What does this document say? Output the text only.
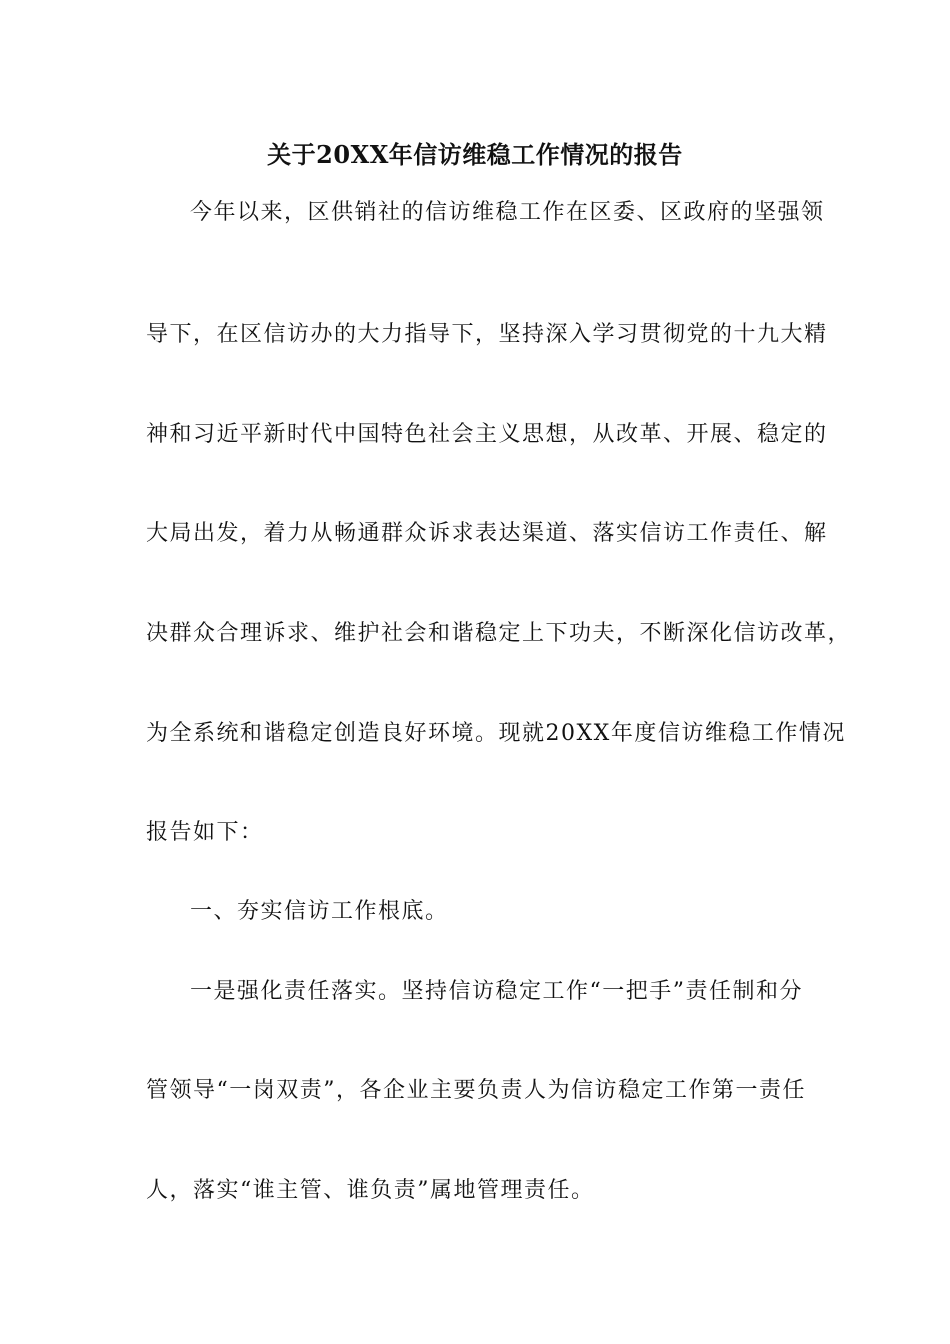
关于20XX年信访维稳工作情况的报告
今年以来，区供销社的信访维稳工作在区委、区政府的坚强领
导下，在区信访办的大力指导下，坚持深入学习贯彻党的十九大精
神和习近平新时代中国特色社会主义思想，从改革、开展、稳定的
大局出发，着力从畅通群众诉求表达渠道、落实信访工作责任、解
决群众合理诉求、维护社会和谐稳定上下功夫，不断深化信访改革，
为全系统和谐稳定创造良好环境。现就20XX年度信访维稳工作情况
报告如下：
一、夯实信访工作根底。
一是强化责任落实。坚持信访稳定工作“一把手”责任制和分
管领导“一岗双责”，各企业主要负责人为信访稳定工作第一责任
人，落实“谁主管、谁负责”属地管理责任。
